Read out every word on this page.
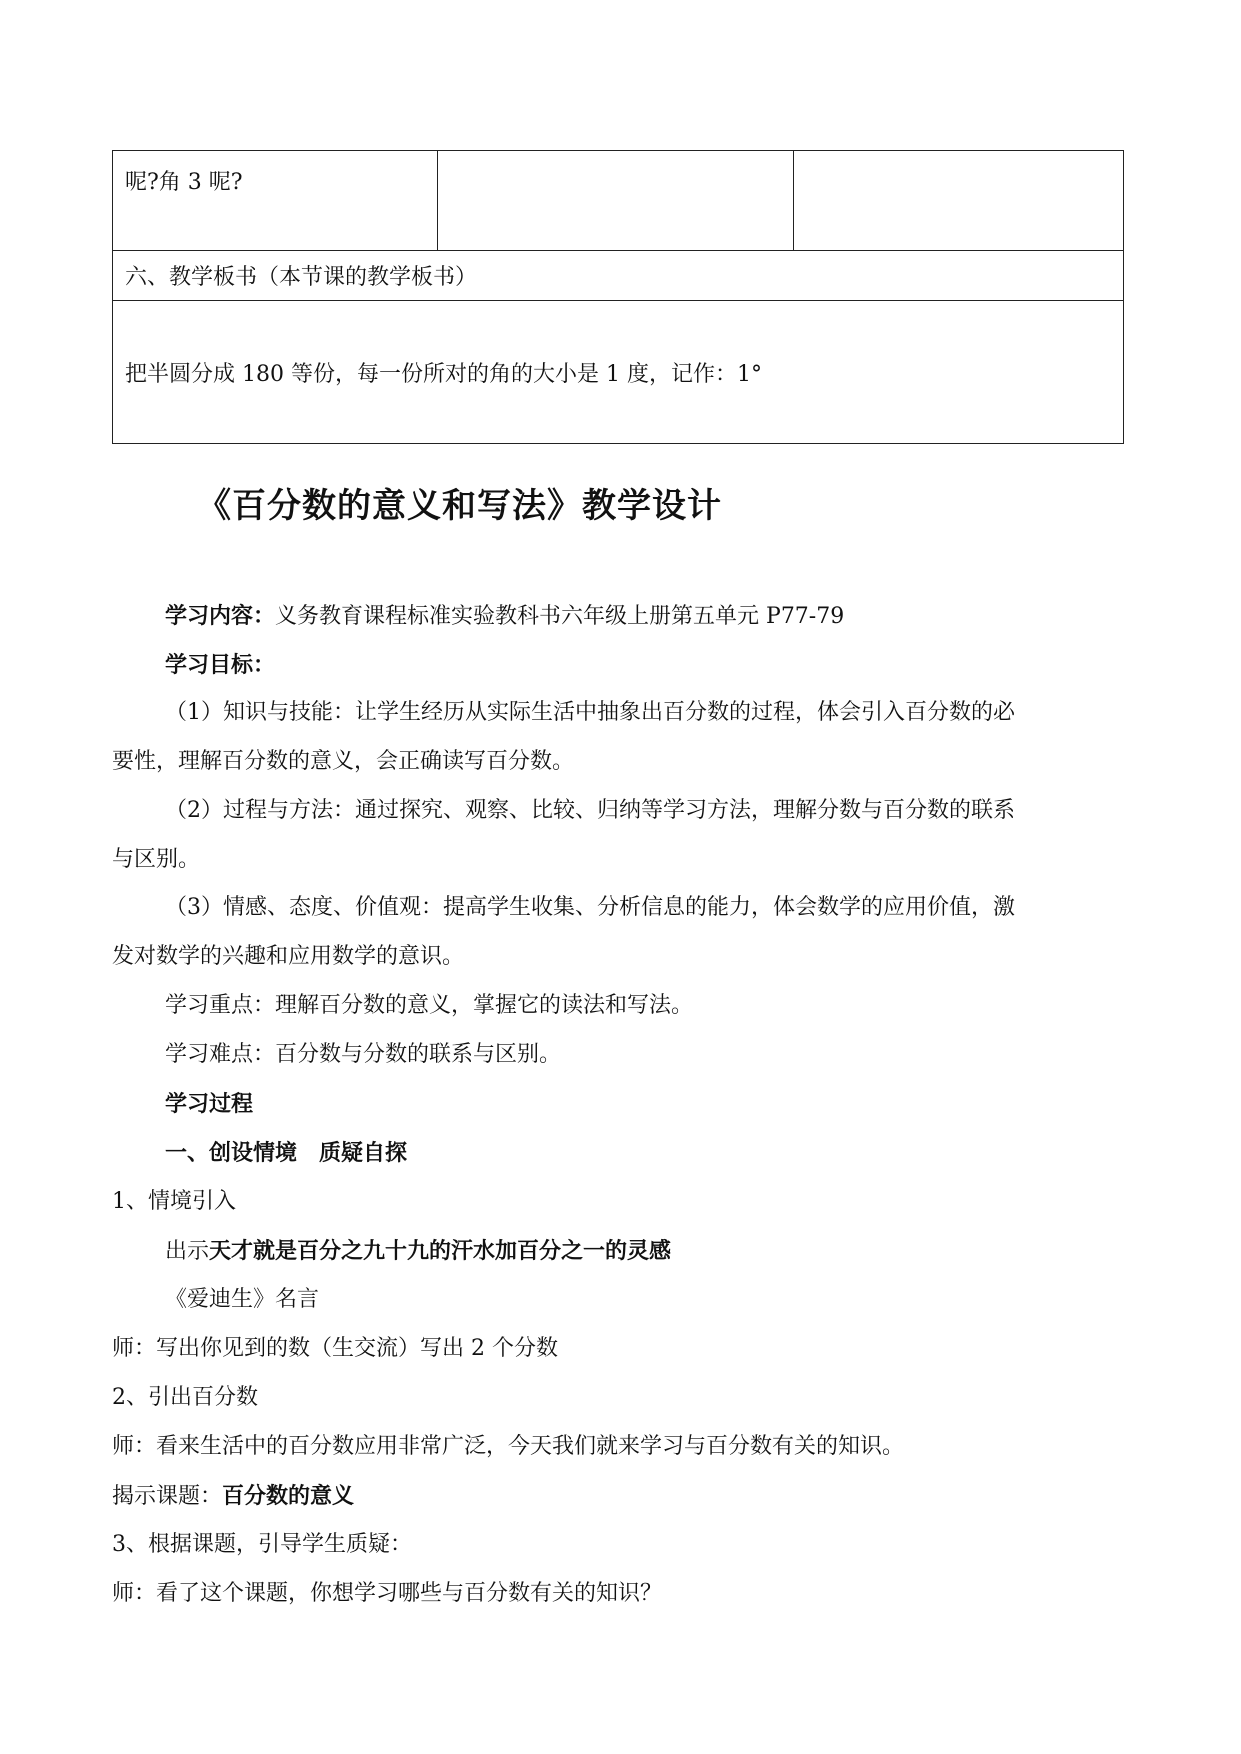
呢?角 3 呢?
六、教学板书（本节课的教学板书）
把半圆分成 180 等份，每一份所对的角的大小是 1 度，记作：1°
《百分数的意义和写法》教学设计
学习内容：义务教育课程标准实验教科书六年级上册第五单元 P77-79
学习目标：
（1）知识与技能：让学生经历从实际生活中抽象出百分数的过程，体会引入百分数的必
要性，理解百分数的意义，会正确读写百分数。
（2）过程与方法：通过探究、观察、比较、归纳等学习方法，理解分数与百分数的联系
与区别。
（3）情感、态度、价值观：提高学生收集、分析信息的能力，体会数学的应用价值，激
发对数学的兴趣和应用数学的意识。
学习重点：理解百分数的意义，掌握它的读法和写法。
学习难点：百分数与分数的联系与区别。
学习过程
一、创设情境　质疑自探
1、情境引入
出示天才就是百分之九十九的汗水加百分之一的灵感
《爱迪生》名言
师：写出你见到的数（生交流）写出 2 个分数
2、引出百分数
师：看来生活中的百分数应用非常广泛，今天我们就来学习与百分数有关的知识。
揭示课题：百分数的意义
3、根据课题，引导学生质疑：
师：看了这个课题，你想学习哪些与百分数有关的知识？
